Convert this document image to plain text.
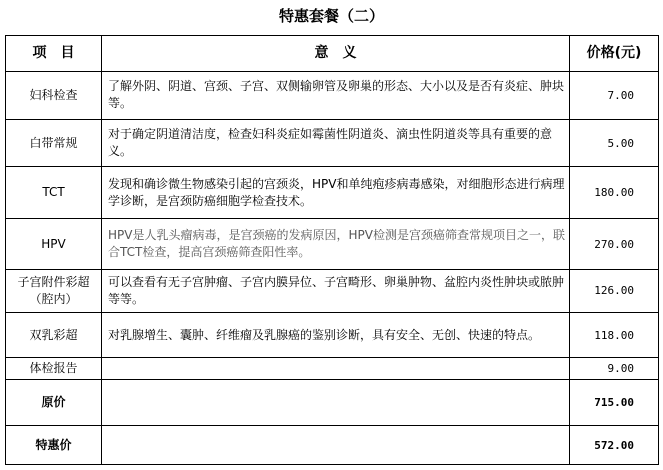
特惠套餐（二）
项　目	意　义	价格(元)
妇科检查	了解外阴、阴道、宫颈、子宫、双侧输卵管及卵巢的形态、大小以及是否有炎症、肿块等。	7.00
白带常规	对于确定阴道清洁度，检查妇科炎症如霉菌性阴道炎、滴虫性阴道炎等具有重要的意义。	5.00
TCT	发现和确诊微生物感染引起的宫颈炎，HPV和单纯疱疹病毒感染，对细胞形态进行病理学诊断，是宫颈防癌细胞学检查技术。	180.00
HPV	HPV是人乳头瘤病毒，是宫颈癌的发病原因，HPV检测是宫颈癌筛查常规项目之一，联合TCT检查，提高宫颈癌筛查阳性率。	270.00
子宫附件彩超（腔内）	可以查看有无子宫肿瘤、子宫内膜异位、子宫畸形、卵巢肿物、盆腔内炎性肿块或脓肿等等。	126.00
双乳彩超	对乳腺增生、囊肿、纤维瘤及乳腺癌的鉴别诊断，具有安全、无创、快速的特点。	118.00
体检报告		9.00
原价		715.00
特惠价		572.00
